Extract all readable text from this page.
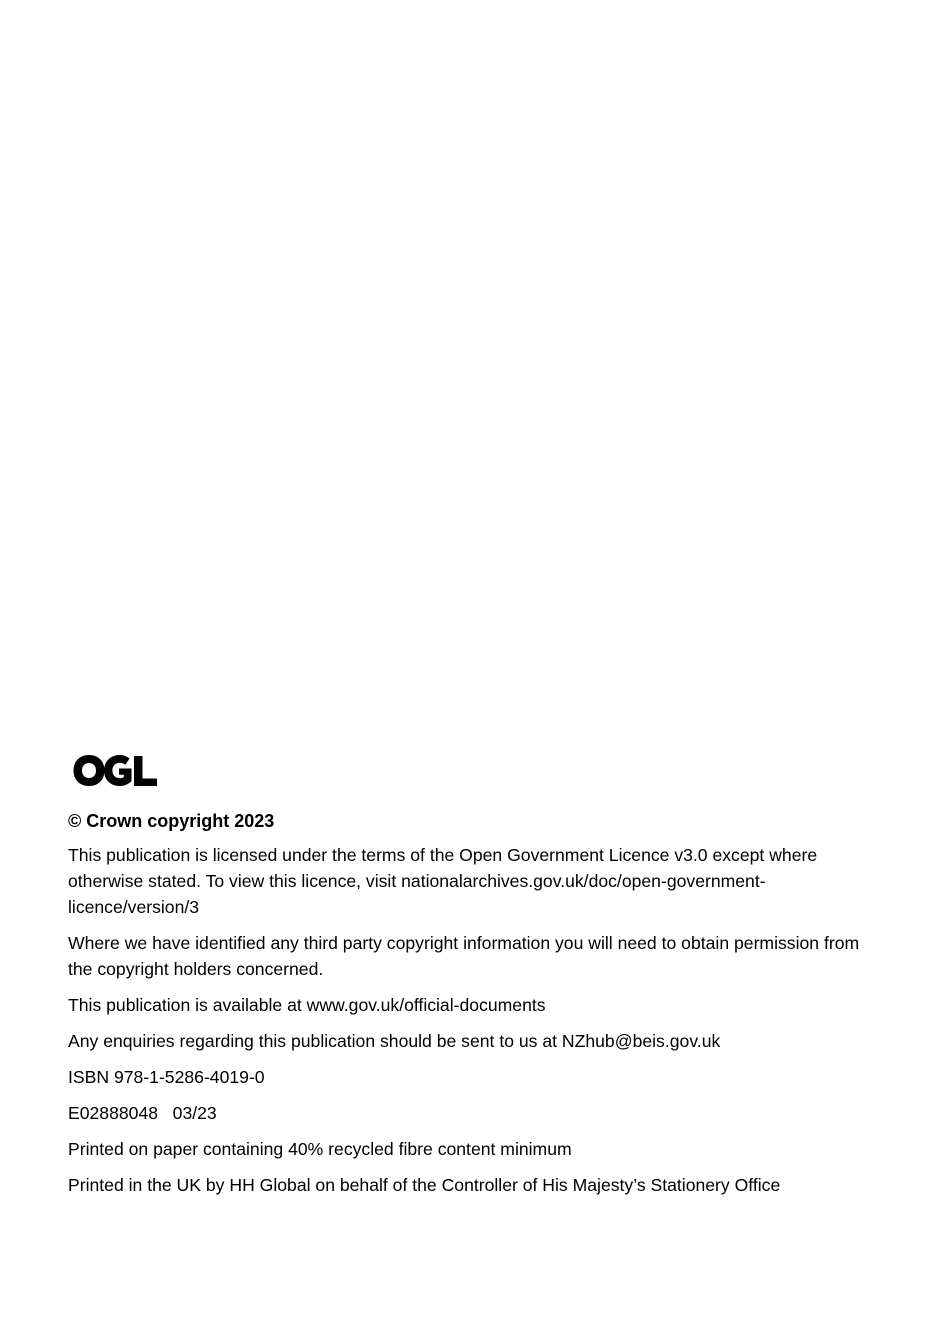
© Crown copyright 2023

This publication is licensed under the terms of the Open Government Licence v3.0 except where otherwise stated. To view this licence, visit nationalarchives.gov.uk/doc/open-government-licence/version/3

Where we have identified any third party copyright information you will need to obtain permission from the copyright holders concerned.

This publication is available at www.gov.uk/official-documents

Any enquiries regarding this publication should be sent to us at NZhub@beis.gov.uk

ISBN 978-1-5286-4019-0

E02888048   03/23

Printed on paper containing 40% recycled fibre content minimum

Printed in the UK by HH Global on behalf of the Controller of His Majesty’s Stationery Office
